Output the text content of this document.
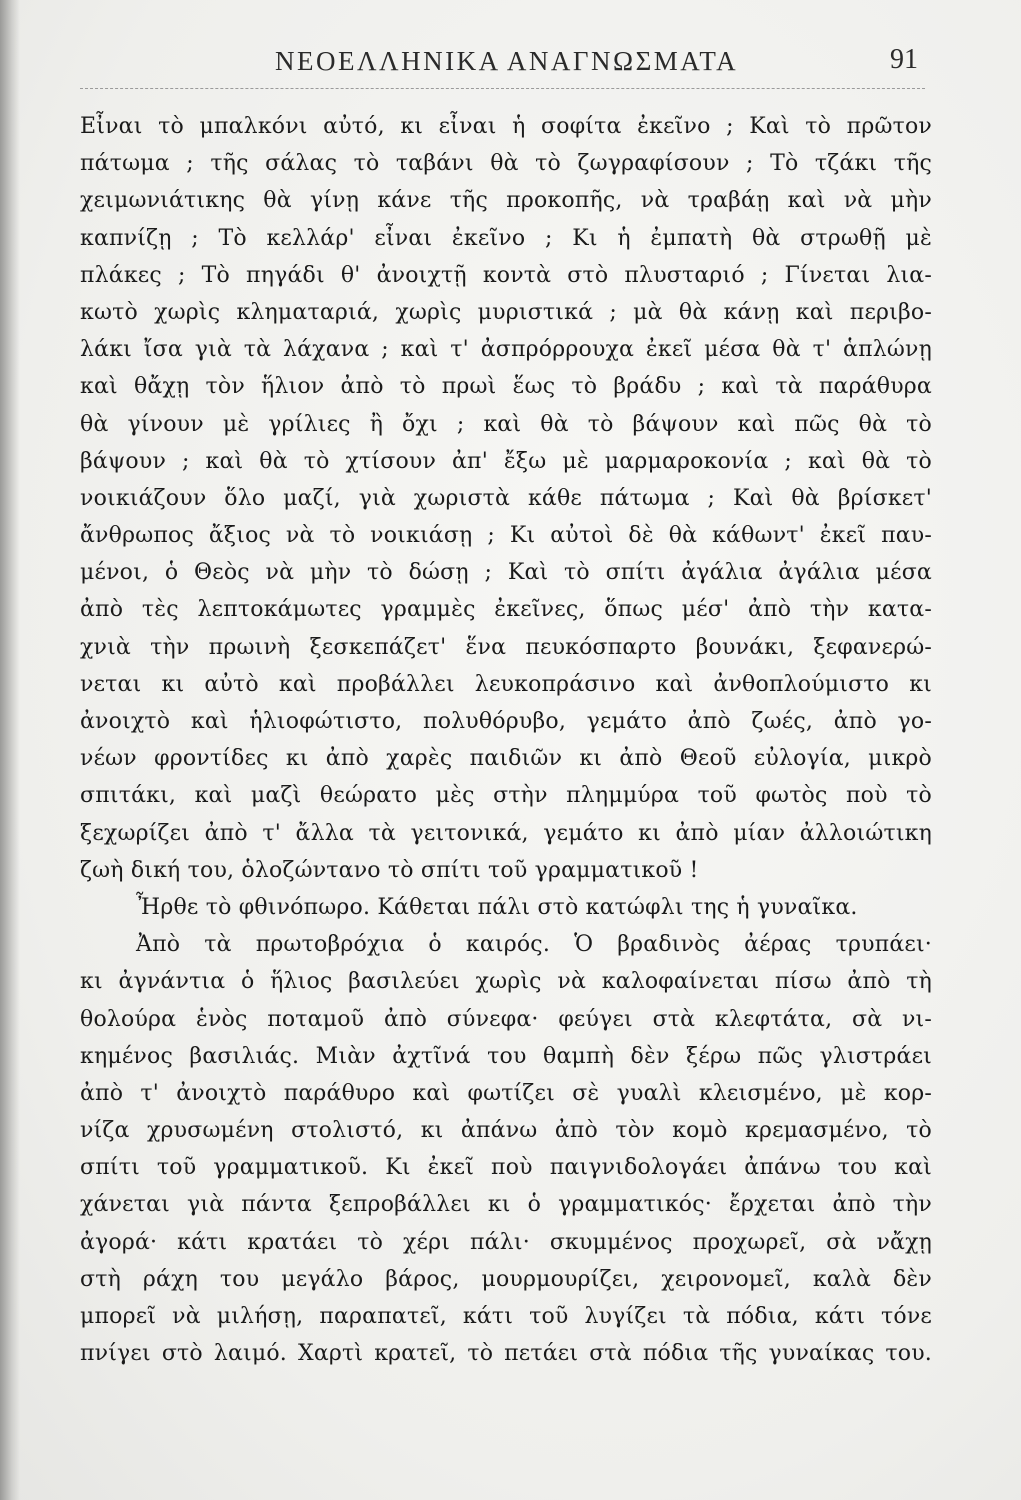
ΝΕΟΕΛΛΗΝΙΚΑ ΑΝΑΓΝΩΣΜΑΤΑ	91
Εἶναι τὸ μπαλκόνι αὐτό, κι εἶναι ἡ σοφίτα ἐκεῖνο ; Καὶ τὸ πρῶτον
πάτωμα ; τῆς σάλας τὸ ταβάνι θὰ τὸ ζωγραφίσουν ; Τὸ τζάκι τῆς
χειμωνιάτικης θὰ γίνῃ κάνε τῆς προκοπῆς, νὰ τραβάῃ καὶ νὰ μὴν
καπνίζῃ ; Τὸ κελλάρ' εἶναι ἐκεῖνο ; Κι ἡ ἐμπατὴ θὰ στρωθῇ μὲ
πλάκες ; Τὸ πηγάδι θ' ἀνοιχτῇ κοντὰ στὸ πλυσταριό ; Γίνεται λια-
κωτὸ χωρὶς κληματαριά, χωρὶς μυριστικά ; μὰ θὰ κάνῃ καὶ περιβο-
λάκι ἴσα γιὰ τὰ λάχανα ; καὶ τ' ἀσπρόρρουχα ἐκεῖ μέσα θὰ τ' ἁπλώνῃ
καὶ θἄχῃ τὸν ἥλιον ἀπὸ τὸ πρωὶ ἕως τὸ βράδυ ; καὶ τὰ παράθυρα
θὰ γίνουν μὲ γρίλιες ἢ ὄχι ; καὶ θὰ τὸ βάψουν καὶ πῶς θὰ τὸ
βάψουν ; καὶ θὰ τὸ χτίσουν ἀπ' ἔξω μὲ μαρμαροκονία ; καὶ θὰ τὸ
νοικιάζουν ὅλο μαζί, γιὰ χωριστὰ κάθε πάτωμα ; Καὶ θὰ βρίσκετ'
ἄνθρωπος ἄξιος νὰ τὸ νοικιάσῃ ; Κι αὐτοὶ δὲ θὰ κάθωντ' ἐκεῖ παυ-
μένοι, ὁ Θεὸς νὰ μὴν τὸ δώσῃ ; Καὶ τὸ σπίτι ἀγάλια ἀγάλια μέσα
ἀπὸ τὲς λεπτοκάμωτες γραμμὲς ἐκεῖνες, ὅπως μέσ' ἀπὸ τὴν κατα-
χνιὰ τὴν πρωινὴ ξεσκεπάζετ' ἕνα πευκόσπαρτο βουνάκι, ξεφανερώ-
νεται κι αὐτὸ καὶ προβάλλει λευκοπράσινο καὶ ἀνθοπλούμιστο κι
ἀνοιχτὸ καὶ ἡλιοφώτιστο, πολυθόρυβο, γεμάτο ἀπὸ ζωές, ἀπὸ γο-
νέων φροντίδες κι ἀπὸ χαρὲς παιδιῶν κι ἀπὸ Θεοῦ εὐλογία, μικρὸ
σπιτάκι, καὶ μαζὶ θεώρατο μὲς στὴν πλημμύρα τοῦ φωτὸς ποὺ τὸ
ξεχωρίζει ἀπὸ τ' ἄλλα τὰ γειτονικά, γεμάτο κι ἀπὸ μίαν ἀλλοιώτικη
ζωὴ δική του, ὁλοζώντανο τὸ σπίτι τοῦ γραμματικοῦ !
Ἦρθε τὸ φθινόπωρο. Κάθεται πάλι στὸ κατώφλι της ἡ γυναῖκα.
Ἀπὸ τὰ πρωτοβρόχια ὁ καιρός. Ὁ βραδινὸς ἀέρας τρυπάει·
κι ἀγνάντια ὁ ἥλιος βασιλεύει χωρὶς νὰ καλοφαίνεται πίσω ἀπὸ τὴ
θολούρα ἑνὸς ποταμοῦ ἀπὸ σύνεφα· φεύγει στὰ κλεφτάτα, σὰ νι-
κημένος βασιλιάς. Μιὰν ἀχτῖνά του θαμπὴ δὲν ξέρω πῶς γλιστράει
ἀπὸ τ' ἀνοιχτὸ παράθυρο καὶ φωτίζει σὲ γυαλὶ κλεισμένο, μὲ κορ-
νίζα χρυσωμένη στολιστό, κι ἀπάνω ἀπὸ τὸν κομὸ κρεμασμένο, τὸ
σπίτι τοῦ γραμματικοῦ. Κι ἐκεῖ ποὺ παιγνιδολογάει ἀπάνω του καὶ
χάνεται γιὰ πάντα ξεπροβάλλει κι ὁ γραμματικός· ἔρχεται ἀπὸ τὴν
ἀγορά· κάτι κρατάει τὸ χέρι πάλι· σκυμμένος προχωρεῖ, σὰ νἄχῃ
στὴ ράχη του μεγάλο βάρος, μουρμουρίζει, χειρονομεῖ, καλὰ δὲν
μπορεῖ νὰ μιλήσῃ, παραπατεῖ, κάτι τοῦ λυγίζει τὰ πόδια, κάτι τόνε
πνίγει στὸ λαιμό. Χαρτὶ κρατεῖ, τὸ πετάει στὰ πόδια τῆς γυναίκας του.
